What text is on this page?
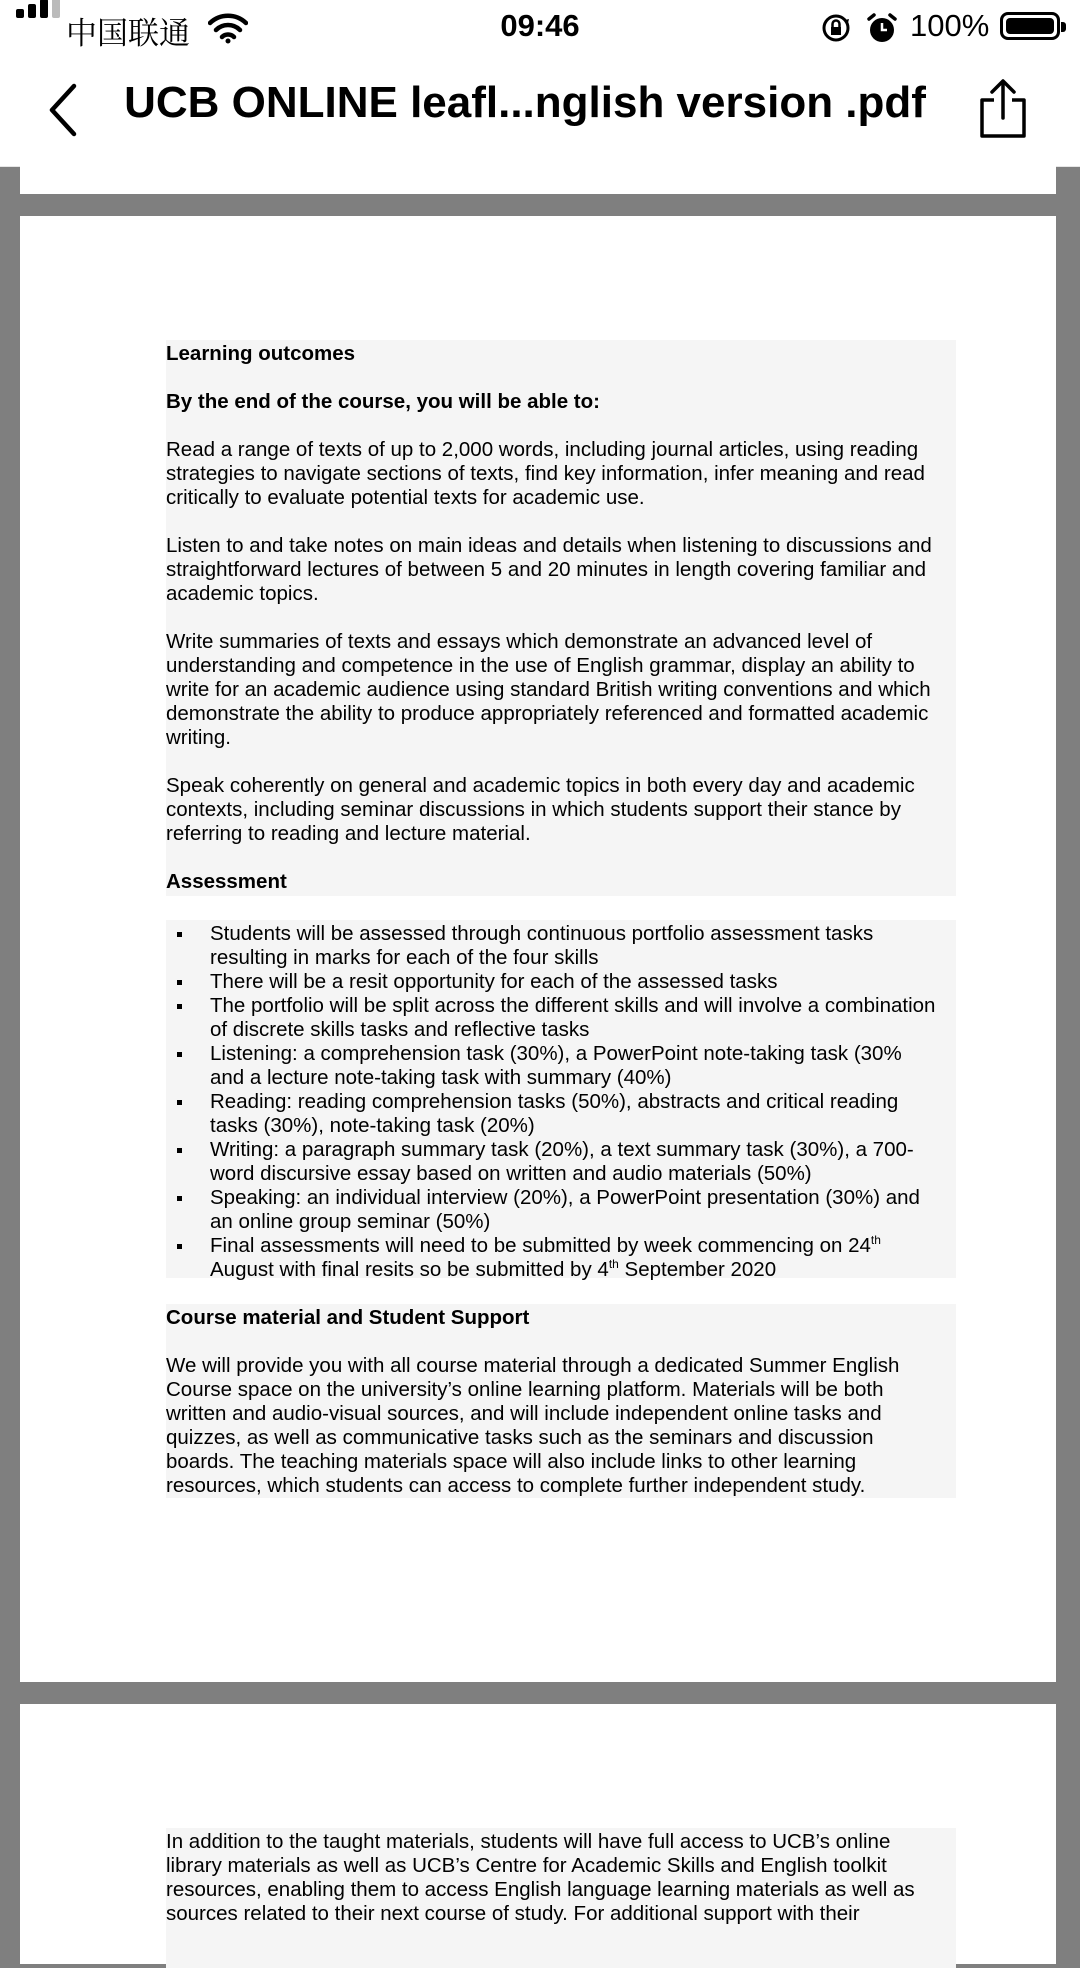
中国联通	09:46	100%
UCB ONLINE leafl...nglish version .pdf

Learning outcomes

By the end of the course, you will be able to:

Read a range of texts of up to 2,000 words, including journal articles, using reading
strategies to navigate sections of texts, find key information, infer meaning and read
critically to evaluate potential texts for academic use.

Listen to and take notes on main ideas and details when listening to discussions and
straightforward lectures of between 5 and 20 minutes in length covering familiar and
academic topics.

Write summaries of texts and essays which demonstrate an advanced level of
understanding and competence in the use of English grammar, display an ability to
write for an academic audience using standard British writing conventions and which
demonstrate the ability to produce appropriately referenced and formatted academic
writing.

Speak coherently on general and academic topics in both every day and academic
contexts, including seminar discussions in which students support their stance by
referring to reading and lecture material.

Assessment

Students will be assessed through continuous portfolio assessment tasks
resulting in marks for each of the four skills

There will be a resit opportunity for each of the assessed tasks

The portfolio will be split across the different skills and will involve a combination
of discrete skills tasks and reflective tasks

Listening: a comprehension task (30%), a PowerPoint note-taking task (30%
and a lecture note-taking task with summary (40%)

Reading: reading comprehension tasks (50%), abstracts and critical reading
tasks (30%), note-taking task (20%)

Writing: a paragraph summary task (20%), a text summary task (30%), a 700-
word discursive essay based on written and audio materials (50%)

Speaking: an individual interview (20%), a PowerPoint presentation (30%) and
an online group seminar (50%)

Final assessments will need to be submitted by week commencing on 24th
August with final resits so be submitted by 4th September 2020

Course material and Student Support

We will provide you with all course material through a dedicated Summer English
Course space on the university’s online learning platform. Materials will be both
written and audio-visual sources, and will include independent online tasks and
quizzes, as well as communicative tasks such as the seminars and discussion
boards. The teaching materials space will also include links to other learning
resources, which students can access to complete further independent study.

In addition to the taught materials, students will have full access to UCB’s online
library materials as well as UCB’s Centre for Academic Skills and English toolkit
resources, enabling them to access English language learning materials as well as
sources related to their next course of study. For additional support with their
